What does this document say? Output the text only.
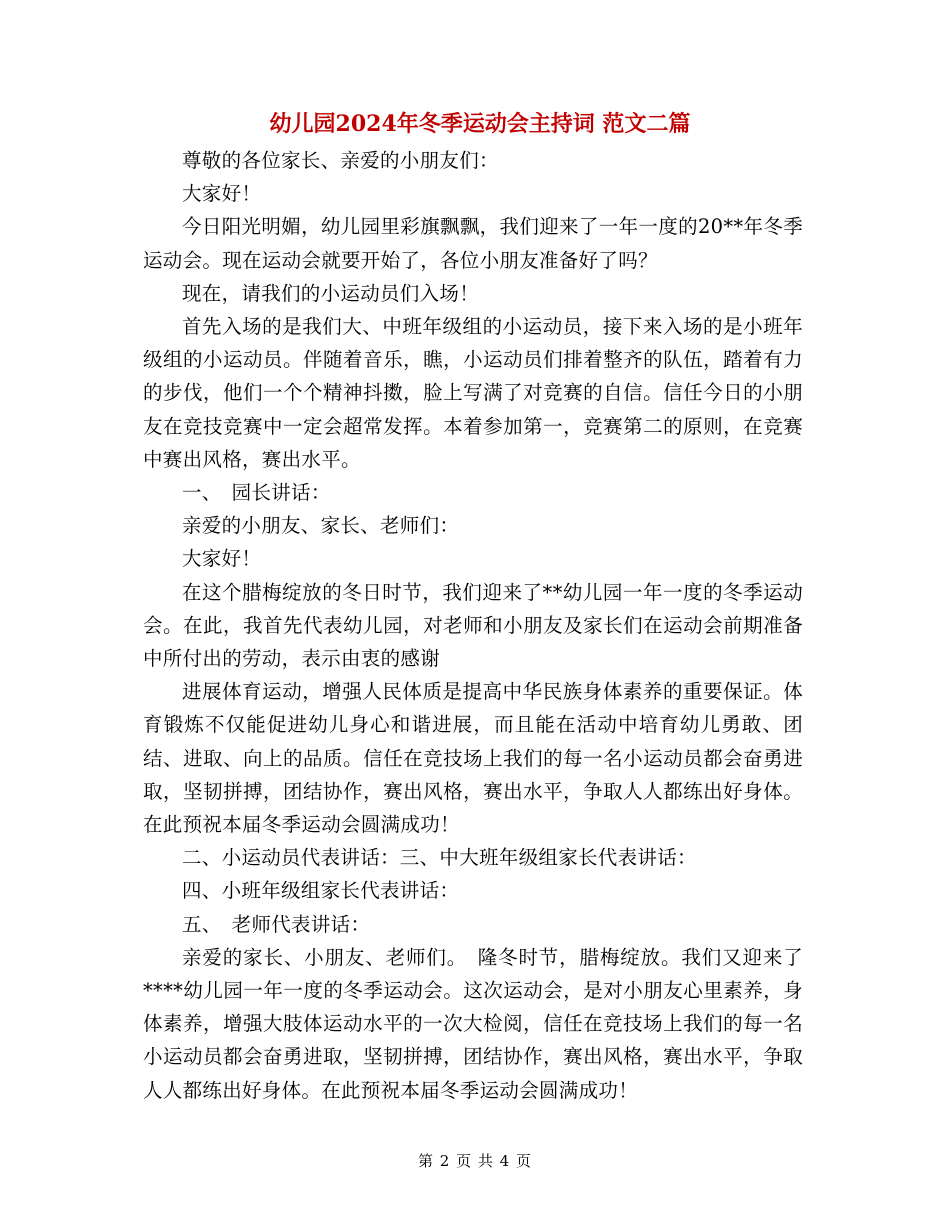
幼儿园2024年冬季运动会主持词 范文二篇

尊敬的各位家长、亲爱的小朋友们：

大家好！

今日阳光明媚，幼儿园里彩旗飘飘，我们迎来了一年一度的20**年冬季运动会。现在运动会就要开始了，各位小朋友准备好了吗？

现在，请我们的小运动员们入场！

首先入场的是我们大、中班年级组的小运动员，接下来入场的是小班年级组的小运动员。伴随着音乐，瞧，小运动员们排着整齐的队伍，踏着有力的步伐，他们一个个精神抖擞，脸上写满了对竞赛的自信。信任今日的小朋友在竞技竞赛中一定会超常发挥。本着参加第一，竞赛第二的原则，在竞赛中赛出风格，赛出水平。

一、　园长讲话：

亲爱的小朋友、家长、老师们：

大家好！

在这个腊梅绽放的冬日时节，我们迎来了**幼儿园一年一度的冬季运动会。在此，我首先代表幼儿园，对老师和小朋友及家长们在运动会前期准备中所付出的劳动，表示由衷的感谢

进展体育运动，增强人民体质是提高中华民族身体素养的重要保证。体育锻炼不仅能促进幼儿身心和谐进展，而且能在活动中培育幼儿勇敢、团结、进取、向上的品质。信任在竞技场上我们的每一名小运动员都会奋勇进取，坚韧拼搏，团结协作，赛出风格，赛出水平，争取人人都练出好身体。在此预祝本届冬季运动会圆满成功！

二、小运动员代表讲话：三、中大班年级组家长代表讲话：

四、小班年级组家长代表讲话：

五、　老师代表讲话：

亲爱的家长、小朋友、老师们。　隆冬时节，腊梅绽放。我们又迎来了****幼儿园一年一度的冬季运动会。这次运动会，是对小朋友心里素养，身体素养，增强大肢体运动水平的一次大检阅，信任在竞技场上我们的每一名小运动员都会奋勇进取，坚韧拼搏，团结协作，赛出风格，赛出水平，争取人人都练出好身体。在此预祝本届冬季运动会圆满成功！

第 2 页 共 4 页
